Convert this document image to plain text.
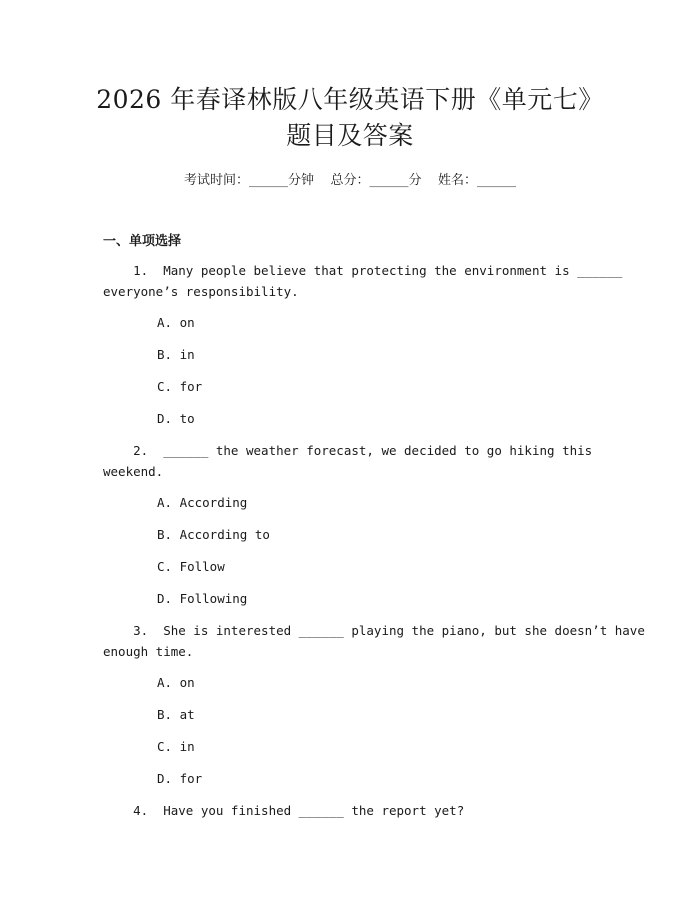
2026 年春译林版八年级英语下册《单元七》
题目及答案
考试时间：______分钟    总分：______分    姓名：______
一、单项选择
1.  Many people believe that protecting the environment is ______
everyone’s responsibility.
A. on
B. in
C. for
D. to
2.  ______ the weather forecast, we decided to go hiking this
weekend.
A. According
B. According to
C. Follow
D. Following
3.  She is interested ______ playing the piano, but she doesn’t have
enough time.
A. on
B. at
C. in
D. for
4.  Have you finished ______ the report yet?
